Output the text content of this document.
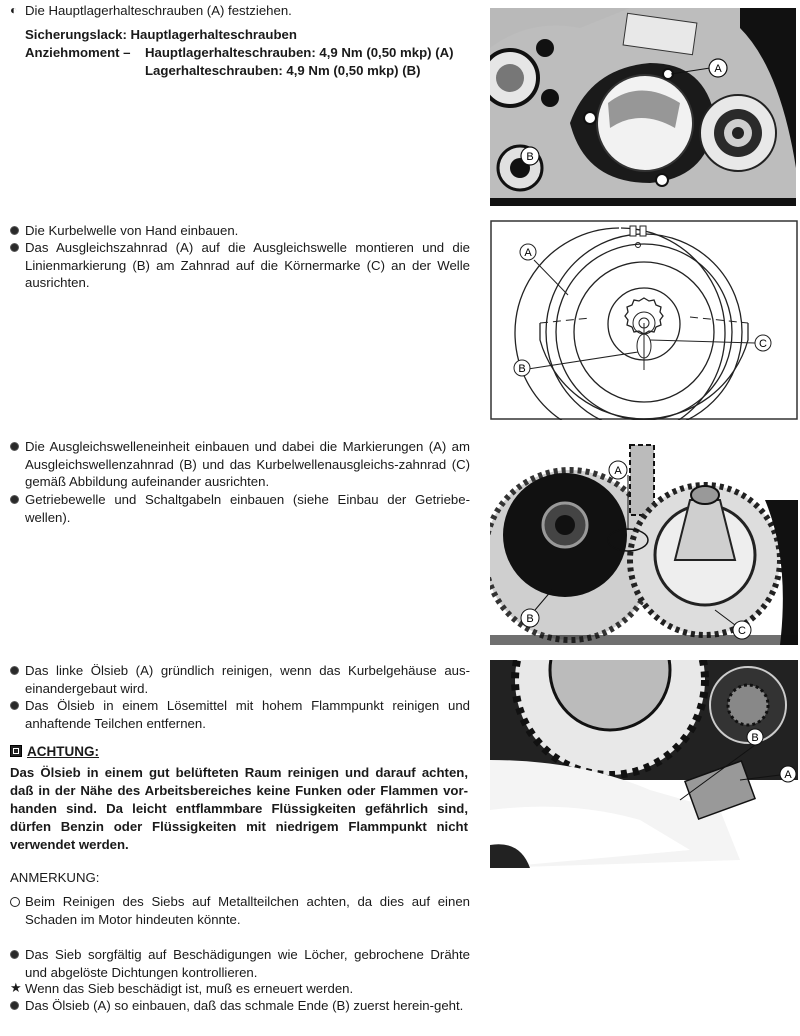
◐ Die Hauptlagerhalteschrauben (A) festziehen.
Sicherungslack: Hauptlagerhalteschrauben
Anziehmoment – Hauptlagerhalteschrauben: 4,9 Nm (0,50 mkp) (A)
Lagerhalteschrauben: 4,9 Nm (0,50 mkp) (B)	A
B
Die Kurbelwelle von Hand einbauen.
Das Ausgleichszahnrad (A) auf die Ausgleichswelle montieren und die Linienmarkierung (B) am Zahnrad auf die Körnermarke (C) an der Welle ausrichten.
A
B
C
Die Ausgleichswelleneinheit einbauen und dabei die Markierungen (A) am Ausgleichswellenzahnrad (B) und das Kurbelwellenausgleichs-zahnrad (C) gemäß Abbildung aufeinander ausrichten.
Getriebewelle und Schaltgabeln einbauen (siehe Einbau der Getriebe-wellen).
A
B
C
Das linke Ölsieb (A) gründlich reinigen, wenn das Kurbelgehäuse aus-einandergebaut wird.
Das Ölsieb in einem Lösemittel mit hohem Flammpunkt reinigen und anhaftende Teilchen entfernen.
ACHTUNG:
Das Ölsieb in einem gut belüfteten Raum reinigen und darauf achten, daß in der Nähe des Arbeitsbereiches keine Funken oder Flammen vor-handen sind. Da leicht entflammbare Flüssigkeiten gefährlich sind, dürfen Benzin oder Flüssigkeiten mit niedrigem Flammpunkt nicht verwendet werden.
ANMERKUNG:
Beim Reinigen des Siebs auf Metallteilchen achten, da dies auf einen Schaden im Motor hindeuten könnte.
Das Sieb sorgfältig auf Beschädigungen wie Löcher, gebrochene Drähte und abgelöste Dichtungen kontrollieren.
★ Wenn das Sieb beschädigt ist, muß es erneuert werden.
Das Ölsieb (A) so einbauen, daß das schmale Ende (B) zuerst herein-geht.
B
A
